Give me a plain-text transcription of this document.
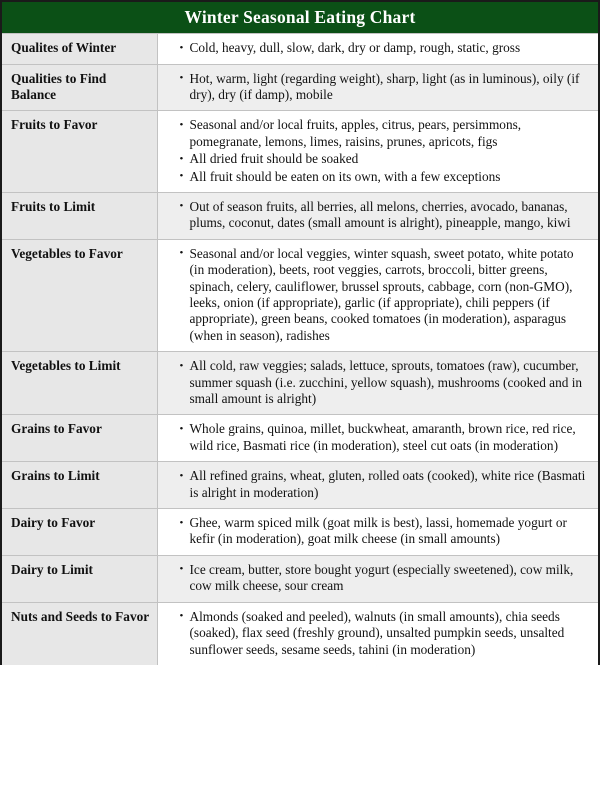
Winter Seasonal Eating Chart
Qualites of Winter	
•Cold, heavy, dull, slow, dark, dry or damp, rough, static, gross

Qualities to Find Balance	
• Hot, warm, light (regarding weight), sharp, light (as in luminous), oily (if dry), dry (if damp), mobile

Fruits to Favor	
•Seasonal and/or local fruits, apples, citrus, pears, persimmons, pomegranate, lemons, limes, raisins, prunes, apricots, figs
• All dried fruit should be soaked
• All fruit should be eaten on its own, with a few exceptions

Fruits to Limit	
•Out of season fruits, all berries, all melons, cherries, avocado, bananas, plums, coconut, dates (small amount is alright), pineapple, mango, kiwi

Vegetables to Favor	
•Seasonal and/or local veggies, winter squash, sweet potato, white potato (in moderation), beets, root veggies, carrots, broccoli, bitter greens, spinach, celery, cauliflower, brussel sprouts, cabbage, corn (non-GMO), leeks, onion (if appropriate), garlic (if appropriate), chili peppers (if appropriate), green beans, cooked tomatoes (in moderation), asparagus (when in season), radishes

Vegetables to Limit	
•All cold, raw veggies; salads, lettuce, sprouts, tomatoes (raw), cucumber, summer squash (i.e. zucchini, yellow squash), mushrooms (cooked and in small amount is alright)

Grains to Favor	
•Whole grains, quinoa, millet, buckwheat, amaranth, brown rice, red rice, wild rice, Basmati rice (in moderation), steel cut oats (in moderation)

Grains to Limit	
•All refined grains, wheat, gluten, rolled oats (cooked), white rice (Basmati is alright in moderation)

Dairy to Favor	
•Ghee, warm spiced milk (goat milk is best), lassi, homemade yogurt or kefir (in moderation), goat milk cheese (in small amounts)

Dairy to Limit	
•Ice cream, butter, store bought yogurt (especially sweetened), cow milk, cow milk cheese, sour cream

Nuts and Seeds to Favor	
•Almonds (soaked and peeled), walnuts (in small amounts), chia seeds (soaked), flax seed (freshly ground), unsalted pumpkin seeds, unsalted sunflower seeds, sesame seeds, tahini (in moderation)
